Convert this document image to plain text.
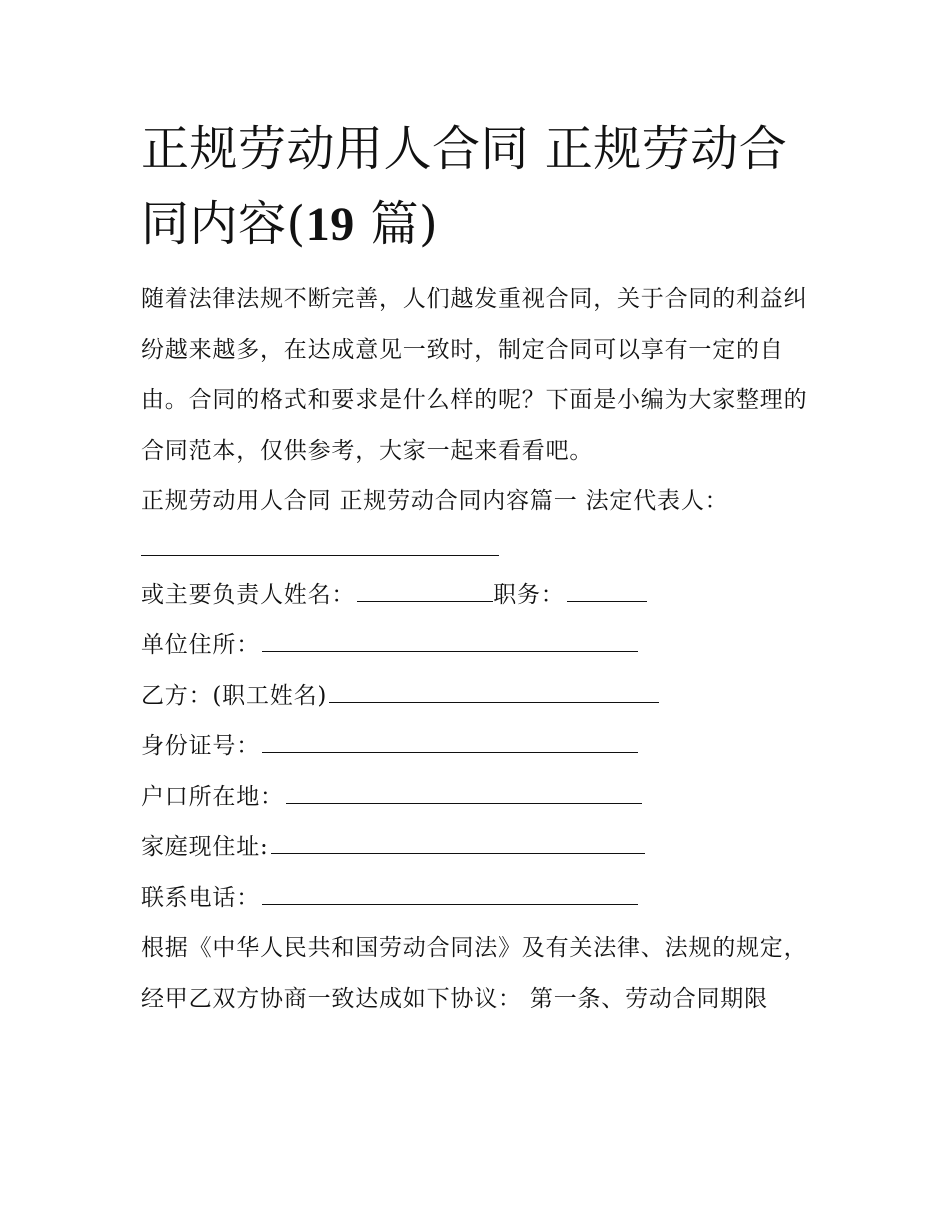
正规劳动用人合同 正规劳动合同内容(19 篇)

随着法律法规不断完善，人们越发重视合同，关于合同的利益纠纷越来越多，在达成意见一致时，制定合同可以享有一定的自由。合同的格式和要求是什么样的呢？下面是小编为大家整理的合同范本，仅供参考，大家一起来看看吧。

正规劳动用人合同 正规劳动合同内容篇一 法定代表人：

或主要负责人姓名：	职务：

单位住所：

乙方：(职工姓名)

身份证号：

户口所在地：

家庭现住址:

联系电话：

根据《中华人民共和国劳动合同法》及有关法律、法规的规定，经甲乙双方协商一致达成如下协议： 第一条、劳动合同期限
